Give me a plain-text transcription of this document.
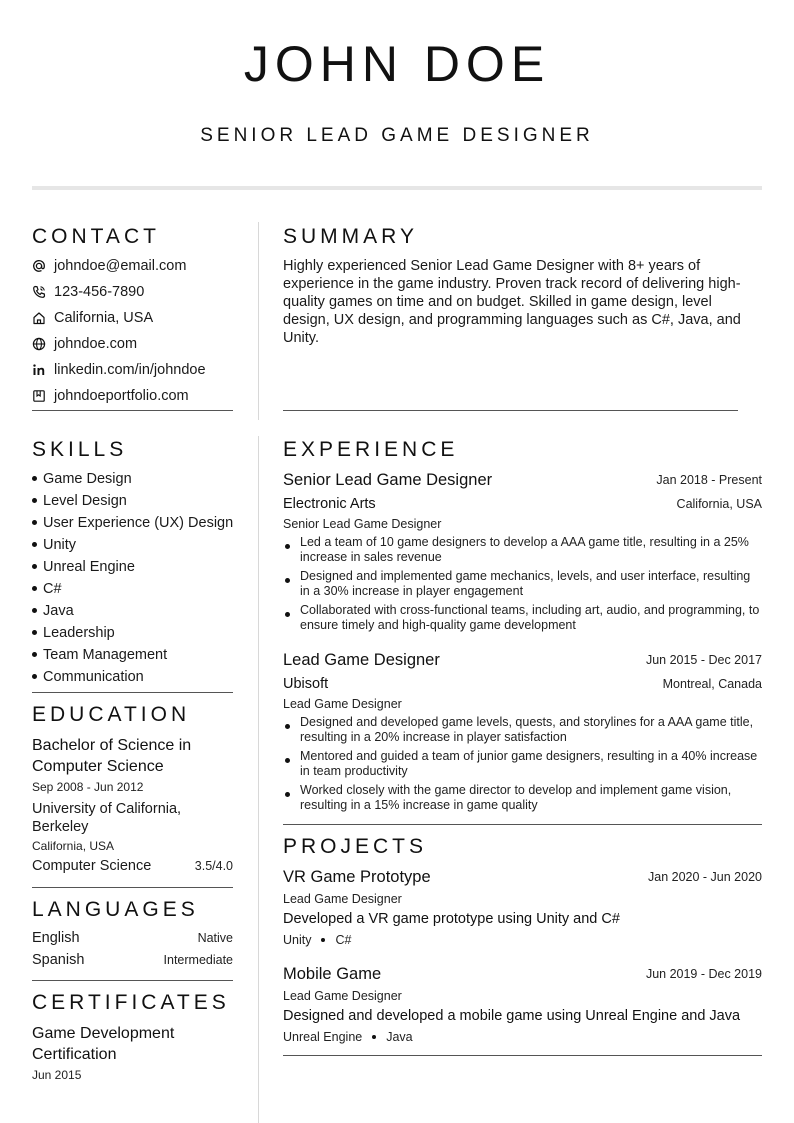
JOHN DOE
SENIOR LEAD GAME DESIGNER
CONTACT
johndoe@email.com
123-456-7890
California, USA
johndoe.com
linkedin.com/in/johndoe
johndoeportfolio.com
SKILLS
Game Design
Level Design
User Experience (UX) Design
Unity
Unreal Engine
C#
Java
Leadership
Team Management
Communication
EDUCATION
Bachelor of Science in Computer Science
Sep 2008 - Jun 2012
University of California, Berkeley
California, USA
Computer Science	3.5/4.0
LANGUAGES
English	Native
Spanish	Intermediate
CERTIFICATES
Game Development Certification
Jun 2015
SUMMARY
Highly experienced Senior Lead Game Designer with 8+ years of experience in the game industry. Proven track record of delivering high-quality games on time and on budget. Skilled in game design, level design, UX design, and programming languages such as C#, Java, and Unity.
EXPERIENCE
Senior Lead Game Designer	Jan 2018 - Present
Electronic Arts	California, USA
Senior Lead Game Designer
Led a team of 10 game designers to develop a AAA game title, resulting in a 25% increase in sales revenue
Designed and implemented game mechanics, levels, and user interface, resulting in a 30% increase in player engagement
Collaborated with cross-functional teams, including art, audio, and programming, to ensure timely and high-quality game development
Lead Game Designer	Jun 2015 - Dec 2017
Ubisoft	Montreal, Canada
Lead Game Designer
Designed and developed game levels, quests, and storylines for a AAA game title, resulting in a 20% increase in player satisfaction
Mentored and guided a team of junior game designers, resulting in a 40% increase in team productivity
Worked closely with the game director to develop and implement game vision, resulting in a 15% increase in game quality
PROJECTS
VR Game Prototype	Jan 2020 - Jun 2020
Lead Game Designer
Developed a VR game prototype using Unity and C#
Unity C#
Mobile Game	Jun 2019 - Dec 2019
Lead Game Designer
Designed and developed a mobile game using Unreal Engine and Java
Unreal Engine Java
